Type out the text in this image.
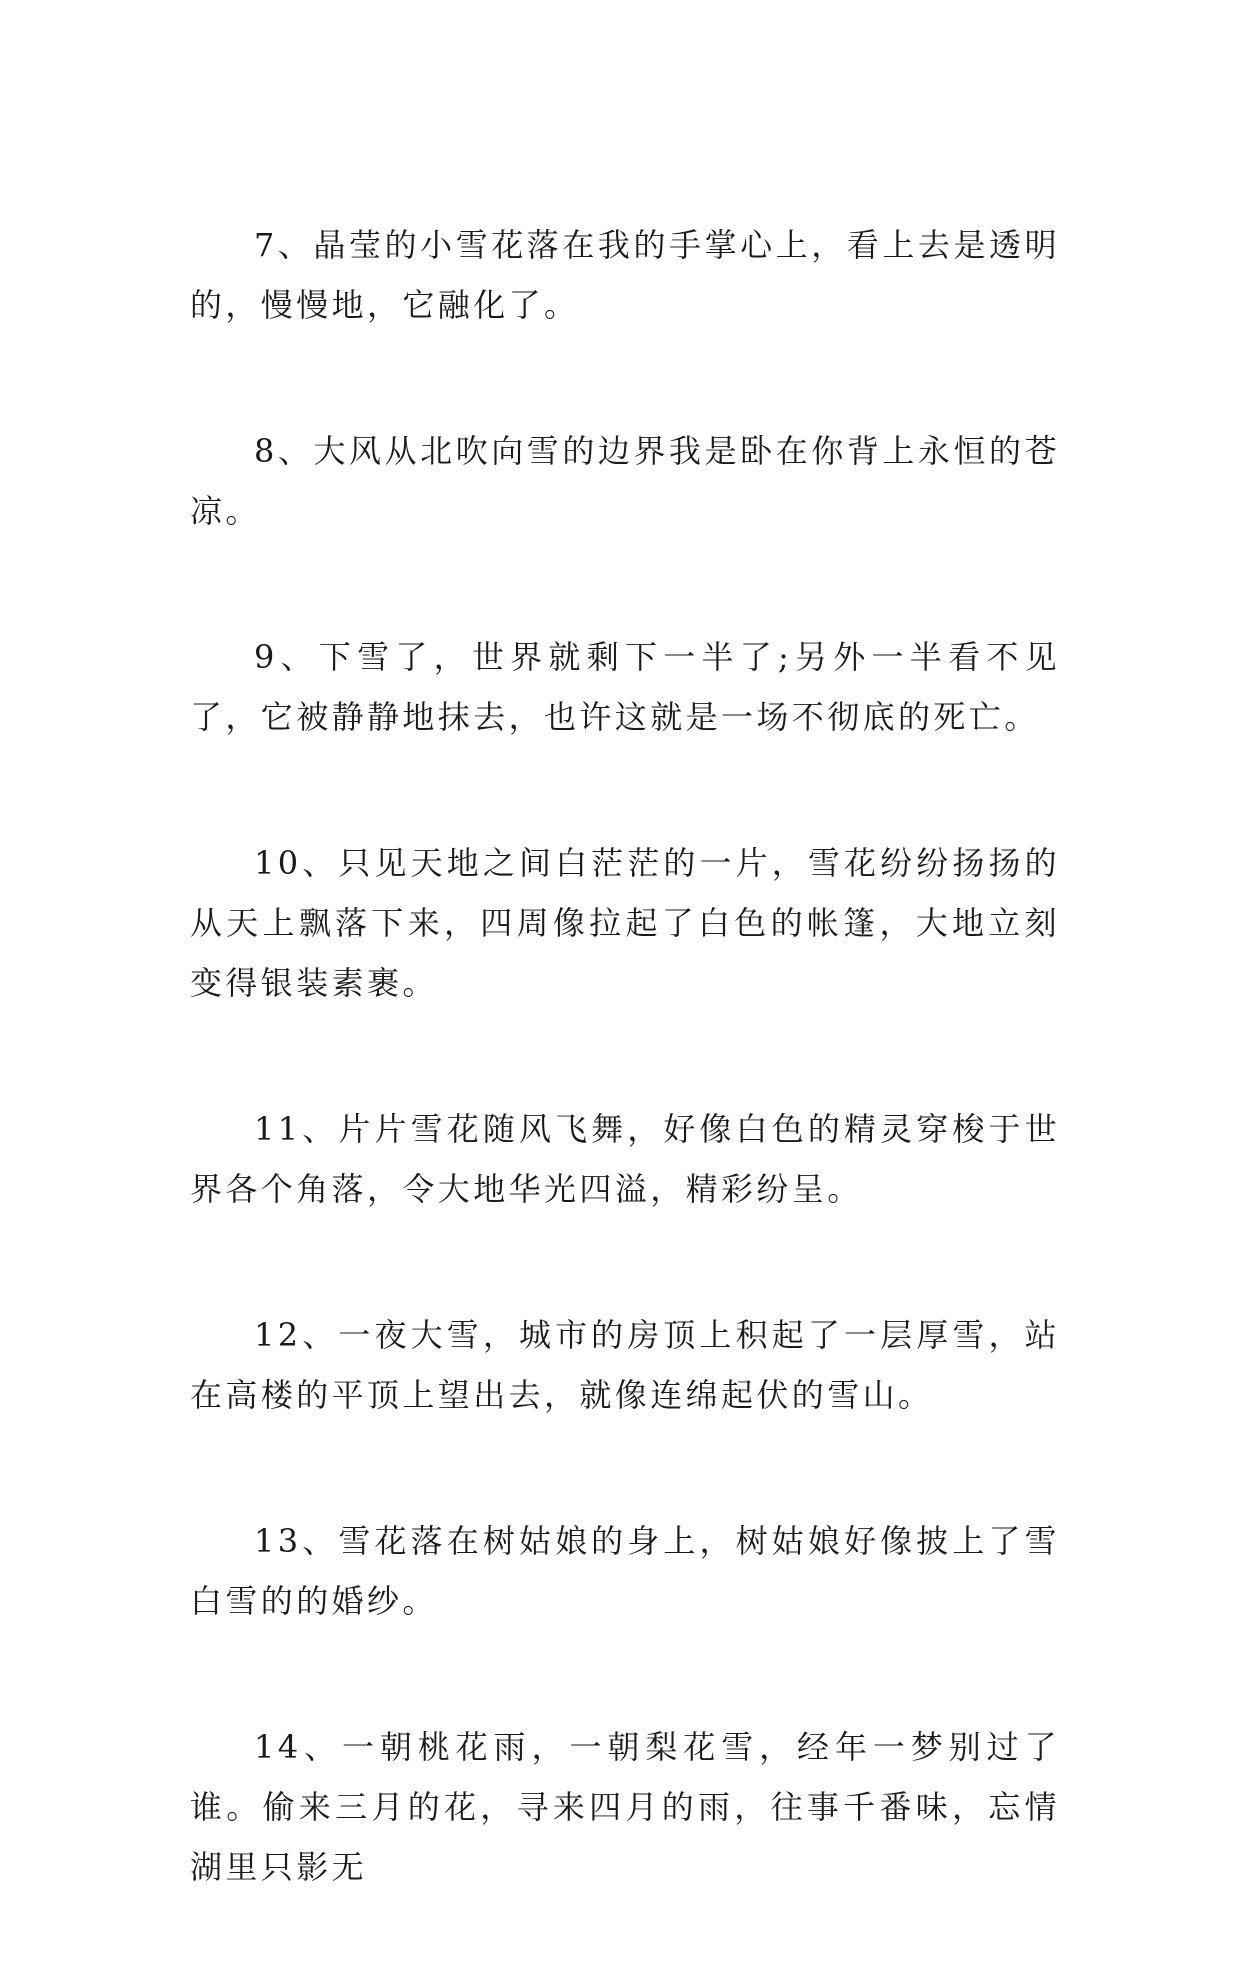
7、晶莹的小雪花落在我的手掌心上，看上去是透明的，慢慢地，它融化了。

8、大风从北吹向雪的边界我是卧在你背上永恒的苍凉。

9、下雪了，世界就剩下一半了;另外一半看不见了，它被静静地抹去，也许这就是一场不彻底的死亡。

10、只见天地之间白茫茫的一片，雪花纷纷扬扬的从天上飘落下来，四周像拉起了白色的帐篷，大地立刻变得银装素裹。

11、片片雪花随风飞舞，好像白色的精灵穿梭于世界各个角落，令大地华光四溢，精彩纷呈。

12、一夜大雪，城市的房顶上积起了一层厚雪，站在高楼的平顶上望出去，就像连绵起伏的雪山。

13、雪花落在树姑娘的身上，树姑娘好像披上了雪白雪的的婚纱。

14、一朝桃花雨，一朝梨花雪，经年一梦别过了谁。偷来三月的花，寻来四月的雨，往事千番味，忘情湖里只影无
